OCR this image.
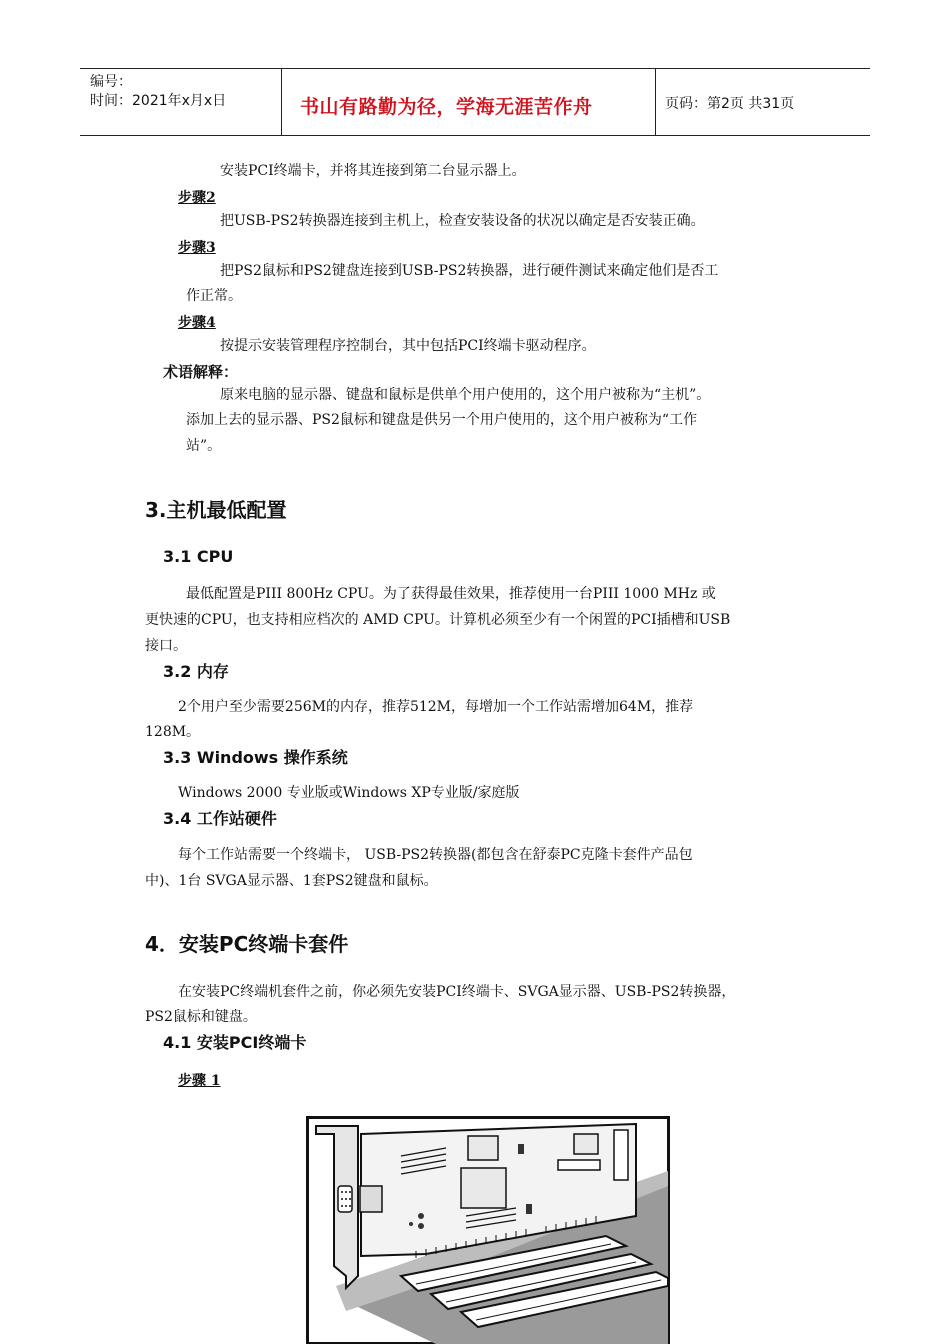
编号：
时间：2021年x月x日	书山有路勤为径，学海无涯苦作舟	页码：第2页 共31页
安装PCI终端卡，并将其连接到第二台显示器上。
步骤2
把USB-PS2转换器连接到主机上，检查安装设备的状况以确定是否安装正确。
步骤3
把PS2鼠标和PS2键盘连接到USB-PS2转换器，进行硬件测试来确定他们是否工
作正常。
步骤4
按提示安装管理程序控制台，其中包括PCI终端卡驱动程序。
术语解释：
原来电脑的显示器、键盘和鼠标是供单个用户使用的，这个用户被称为“主机”。
添加上去的显示器、PS2鼠标和键盘是供另一个用户使用的，这个用户被称为“工作
站”。
3.主机最低配置
3.1 CPU
最低配置是PIII 800Hz CPU。为了获得最佳效果，推荐使用一台PIII 1000 MHz 或
更快速的CPU，也支持相应档次的 AMD CPU。计算机必须至少有一个闲置的PCI插槽和USB
接口。
3.2 内存
2个用户至少需要256M的内存，推荐512M，每增加一个工作站需增加64M，推荐
128M。
3.3 Windows 操作系统
Windows 2000 专业版或Windows XP专业版/家庭版
3.4 工作站硬件
每个工作站需要一个终端卡， USB-PS2转换器(都包含在舒泰PC克隆卡套件产品包
中)、1台 SVGA显示器、1套PS2键盘和鼠标。
4．安装PC终端卡套件
在安装PC终端机套件之前，你必须先安装PCI终端卡、SVGA显示器、USB-PS2转换器，
PS2鼠标和键盘。
4.1 安装PCI终端卡
步骤 1
